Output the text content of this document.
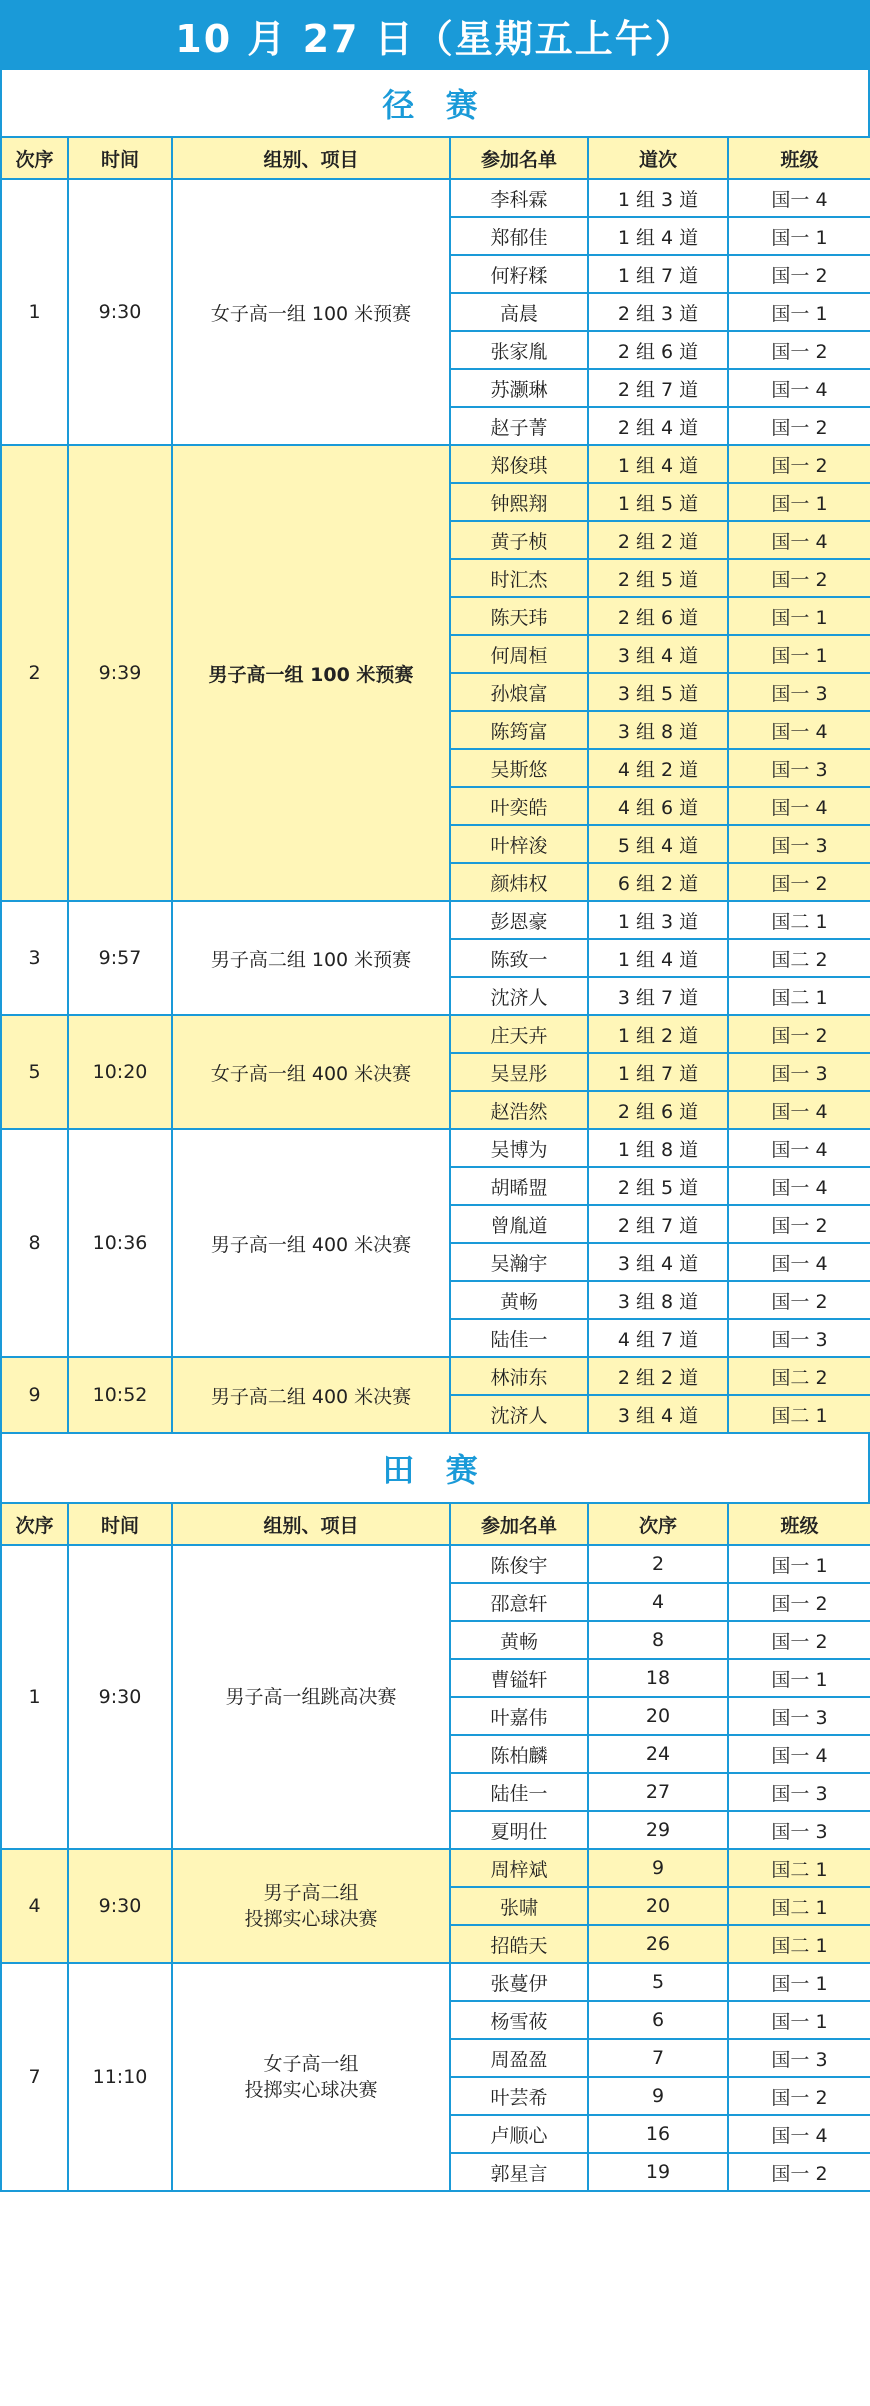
10 月 27 日（星期五上午）
径 赛
次序	时间	组别、项目	参加名单	道次	班级
1	9:30	女子高一组 100 米预赛	李科霖	1 组 3 道	国一 4
			郑郁佳	1 组 4 道	国一 1
			何籽糅	1 组 7 道	国一 2
			高晨	2 组 3 道	国一 1
			张家胤	2 组 6 道	国一 2
			苏灏琳	2 组 7 道	国一 4
			赵子菁	2 组 4 道	国一 2
2	9:39	男子高一组 100 米预赛	郑俊琪	1 组 4 道	国一 2
			钟熙翔	1 组 5 道	国一 1
			黄子桢	2 组 2 道	国一 4
			时汇杰	2 组 5 道	国一 2
			陈天玮	2 组 6 道	国一 1
			何周桓	3 组 4 道	国一 1
			孙烺富	3 组 5 道	国一 3
			陈筠富	3 组 8 道	国一 4
			吴斯悠	4 组 2 道	国一 3
			叶奕皓	4 组 6 道	国一 4
			叶梓浚	5 组 4 道	国一 3
			颜炜权	6 组 2 道	国一 2
3	9:57	男子高二组 100 米预赛	彭恩豪	1 组 3 道	国二 1
			陈致一	1 组 4 道	国二 2
			沈济人	3 组 7 道	国二 1
5	10:20	女子高一组 400 米决赛	庄天卉	1 组 2 道	国一 2
			吴昱彤	1 组 7 道	国一 3
			赵浩然	2 组 6 道	国一 4
8	10:36	男子高一组 400 米决赛	吴博为	1 组 8 道	国一 4
			胡晞盟	2 组 5 道	国一 4
			曾胤道	2 组 7 道	国一 2
			吴瀚宇	3 组 4 道	国一 4
			黄畅	3 组 8 道	国一 2
			陆佳一	4 组 7 道	国一 3
9	10:52	男子高二组 400 米决赛	林沛东	2 组 2 道	国二 2
			沈济人	3 组 4 道	国二 1
田 赛
次序	时间	组别、项目	参加名单	次序	班级
1	9:30	男子高一组跳高决赛	陈俊宇	2	国一 1
			邵意轩	4	国一 2
			黄畅	8	国一 2
			曹镒轩	18	国一 1
			叶嘉伟	20	国一 3
			陈柏麟	24	国一 4
			陆佳一	27	国一 3
			夏明仕	29	国一 3
4	9:30	男子高二组
投掷实心球决赛	周梓斌	9	国二 1
			张啸	20	国二 1
			招皓天	26	国二 1
7	11:10	女子高一组
投掷实心球决赛	张蔓伊	5	国一 1
			杨雪莜	6	国一 1
			周盈盈	7	国一 3
			叶芸希	9	国一 2
			卢顺心	16	国一 4
			郭星言	19	国一 2
